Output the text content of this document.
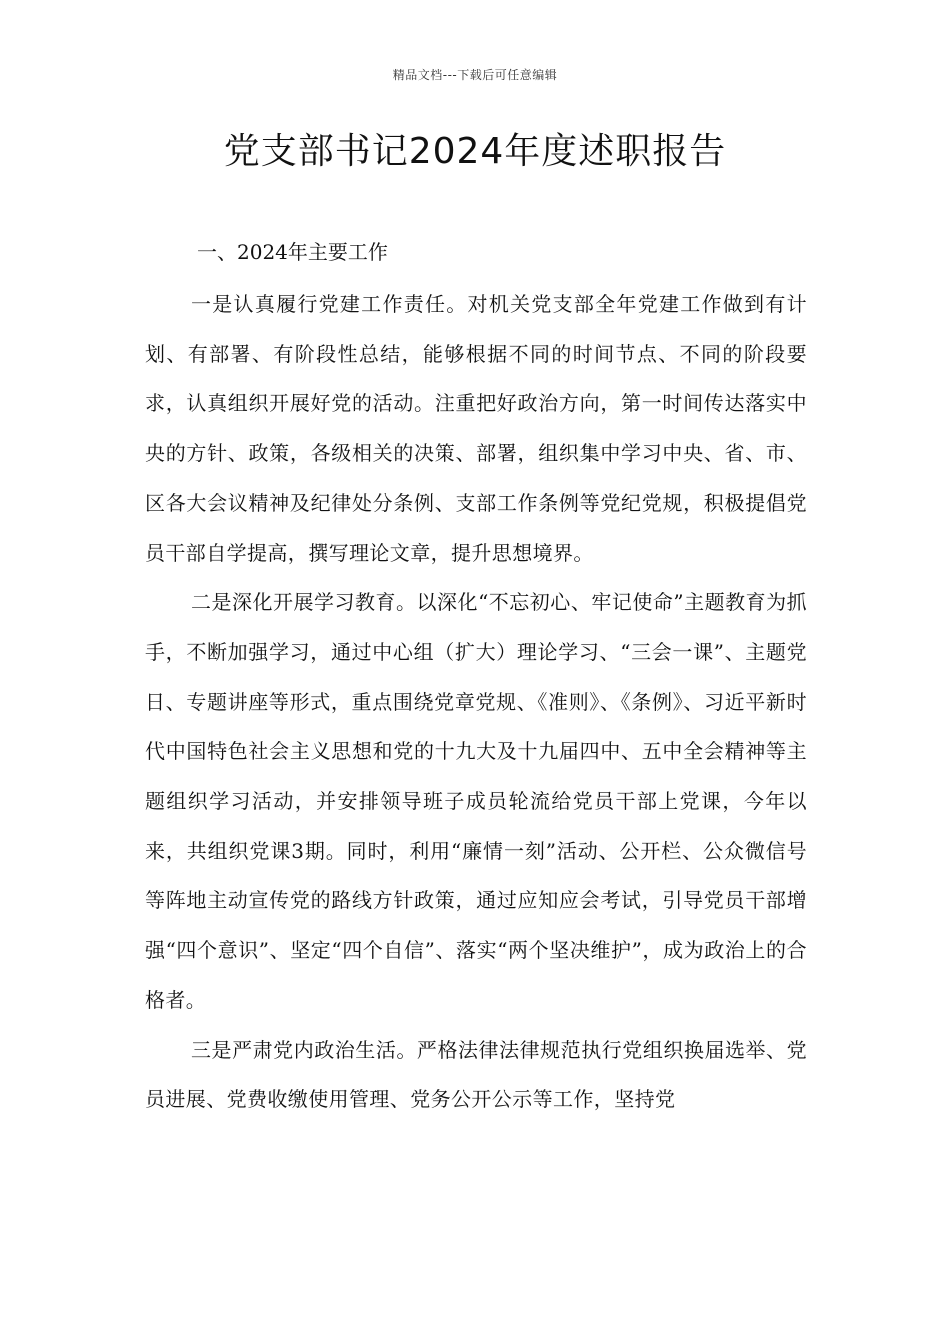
精品文档---下载后可任意编辑
党支部书记2024年度述职报告

一、2024年主要工作

一是认真履行党建工作责任。对机关党支部全年党建工作做到有计划、有部署、有阶段性总结，能够根据不同的时间节点、不同的阶段要求，认真组织开展好党的活动。注重把好政治方向，第一时间传达落实中央的方针、政策，各级相关的决策、部署，组织集中学习中央、省、市、区各大会议精神及纪律处分条例、支部工作条例等党纪党规，积极提倡党员干部自学提高，撰写理论文章，提升思想境界。

二是深化开展学习教育。以深化“不忘初心、牢记使命”主题教育为抓手，不断加强学习，通过中心组（扩大）理论学习、“三会一课”、主题党日、专题讲座等形式，重点围绕党章党规、《准则》、《条例》、习近平新时代中国特色社会主义思想和党的十九大及十九届四中、五中全会精神等主题组织学习活动，并安排领导班子成员轮流给党员干部上党课，今年以来，共组织党课3期。同时，利用“廉情一刻”活动、公开栏、公众微信号等阵地主动宣传党的路线方针政策，通过应知应会考试，引导党员干部增强“四个意识”、坚定“四个自信”、落实“两个坚决维护”，成为政治上的合格者。

三是严肃党内政治生活。严格法律法律规范执行党组织换届选举、党员进展、党费收缴使用管理、党务公开公示等工作，坚持党
